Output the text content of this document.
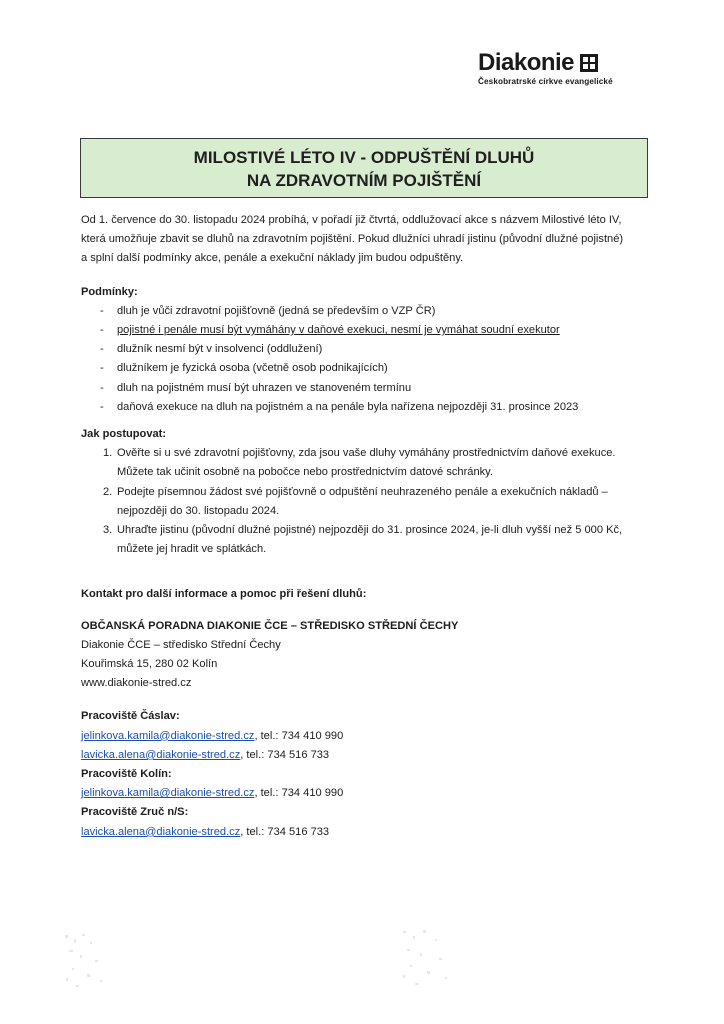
Diakonie
Českobratrské církve evangelické
MILOSTIVÉ LÉTO IV - ODPUŠTĚNÍ DLUHŮ
NA ZDRAVOTNÍM POJIŠTĚNÍ

Od 1. července do 30. listopadu 2024 probíhá, v pořadí již čtvrtá, oddlužovací akce s názvem Milostivé léto IV,

která umožňuje zbavit se dluhů na zdravotním pojištění. Pokud dlužníci uhradí jistinu (původní dlužné pojistné)

a splní další podmínky akce, penále a exekuční náklady jim budou odpuštěny.

Podmínky:

- dluh je vůči zdravotní pojišťovně (jedná se především o VZP ČR)
- pojistné i penále musí být vymáhány v daňové exekuci, nesmí je vymáhat soudní exekutor
- dlužník nesmí být v insolvenci (oddlužení)
- dlužníkem je fyzická osoba (včetně osob podnikajících)
- dluh na pojistném musí být uhrazen ve stanoveném termínu
- daňová exekuce na dluh na pojistném a na penále byla nařízena nejpozději 31. prosince 2023

Jak postupovat:

1. Ověřte si u své zdravotní pojišťovny, zda jsou vaše dluhy vymáhány prostřednictvím daňové exekuce.
Můžete tak učinit osobně na pobočce nebo prostřednictvím datové schránky.
2. Podejte písemnou žádost své pojišťovně o odpuštění neuhrazeného penále a exekučních nákladů –
nejpozději do 30. listopadu 2024.
3. Uhraďte jistinu (původní dlužné pojistné) nejpozději do 31. prosince 2024, je-li dluh vyšší než 5 000 Kč,
můžete jej hradit ve splátkách.

Kontakt pro další informace a pomoc při řešení dluhů:

OBČANSKÁ PORADNA DIAKONIE ČCE – STŘEDISKO STŘEDNÍ ČECHY

Diakonie ČCE – středisko Střední Čechy

Kouřimská 15, 280 02 Kolín

www.diakonie-stred.cz

Pracoviště Čáslav:

jelinkova.kamila@diakonie-stred.cz, tel.: 734 410 990

lavicka.alena@diakonie-stred.cz, tel.: 734 516 733

Pracoviště Kolín:

jelinkova.kamila@diakonie-stred.cz, tel.: 734 410 990

Pracoviště Zruč n/S:

lavicka.alena@diakonie-stred.cz, tel.: 734 516 733
